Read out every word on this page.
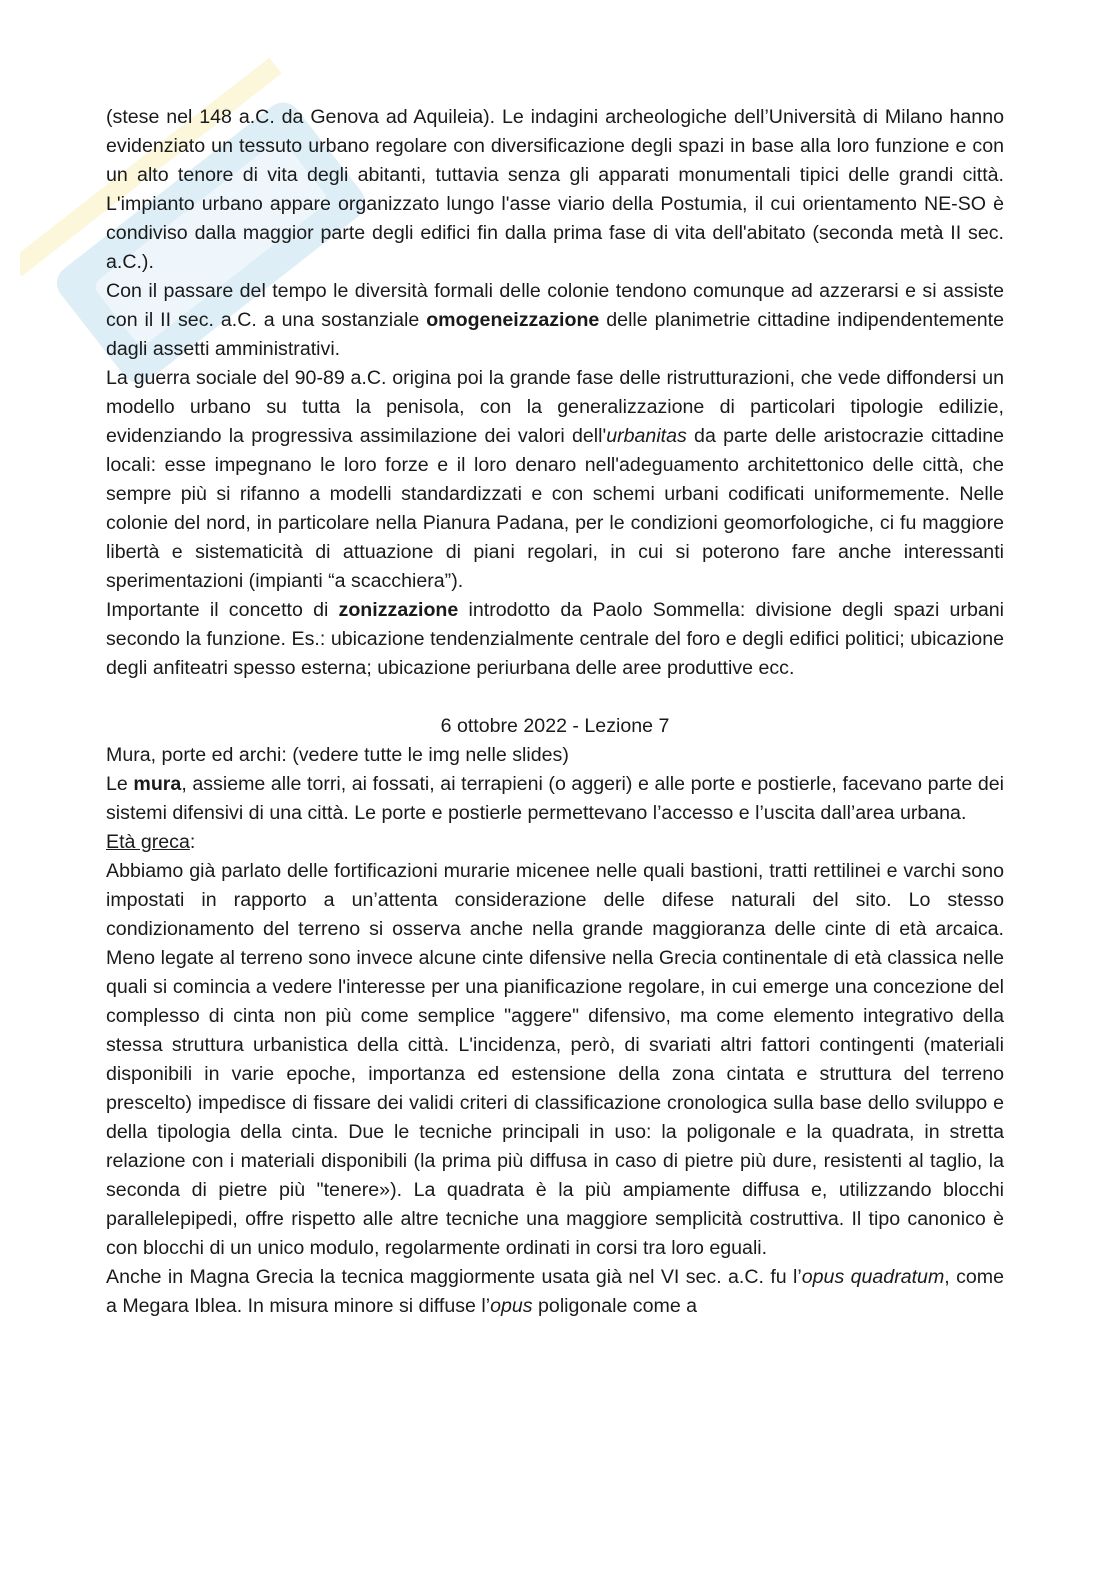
(stese nel 148 a.C. da Genova ad Aquileia). Le indagini archeologiche dell’Università di Milano hanno evidenziato un tessuto urbano regolare con diversificazione degli spazi in base alla loro funzione e con un alto tenore di vita degli abitanti, tuttavia senza gli apparati monumentali tipici delle grandi città. L'impianto urbano appare organizzato lungo l'asse viario della Postumia, il cui orientamento NE-SO è condiviso dalla maggior parte degli edifici fin dalla prima fase di vita dell'abitato (seconda metà II sec. a.C.).

Con il passare del tempo le diversità formali delle colonie tendono comunque ad azzerarsi e si assiste con il II sec. a.C. a una sostanziale omogeneizzazione delle planimetrie cittadine indipendentemente dagli assetti amministrativi.

La guerra sociale del 90-89 a.C. origina poi la grande fase delle ristrutturazioni, che vede diffondersi un modello urbano su tutta la penisola, con la generalizzazione di particolari tipologie edilizie, evidenziando la progressiva assimilazione dei valori dell'urbanitas da parte delle aristocrazie cittadine locali: esse impegnano le loro forze e il loro denaro nell'adeguamento architettonico delle città, che sempre più si rifanno a modelli standardizzati e con schemi urbani codificati uniformemente. Nelle colonie del nord, in particolare nella Pianura Padana, per le condizioni geomorfologiche, ci fu maggiore libertà e sistematicità di attuazione di piani regolari, in cui si poterono fare anche interessanti sperimentazioni (impianti “a scacchiera”).

Importante il concetto di zonizzazione introdotto da Paolo Sommella: divisione degli spazi urbani secondo la funzione. Es.: ubicazione tendenzialmente centrale del foro e degli edifici politici; ubicazione degli anfiteatri spesso esterna; ubicazione periurbana delle aree produttive ecc.

6 ottobre 2022 - Lezione 7

Mura, porte ed archi: (vedere tutte le img nelle slides)

Le mura, assieme alle torri, ai fossati, ai terrapieni (o aggeri) e alle porte e postierle, facevano parte dei sistemi difensivi di una città. Le porte e postierle permettevano l’accesso e l’uscita dall’area urbana.

Età greca:

Abbiamo già parlato delle fortificazioni murarie micenee nelle quali bastioni, tratti rettilinei e varchi sono impostati in rapporto a un’attenta considerazione delle difese naturali del sito. Lo stesso condizionamento del terreno si osserva anche nella grande maggioranza delle cinte di età arcaica. Meno legate al terreno sono invece alcune cinte difensive nella Grecia continentale di età classica nelle quali si comincia a vedere l'interesse per una pianificazione regolare, in cui emerge una concezione del complesso di cinta non più come semplice "aggere" difensivo, ma come elemento integrativo della stessa struttura urbanistica della città. L'incidenza, però, di svariati altri fattori contingenti (materiali disponibili in varie epoche, importanza ed estensione della zona cintata e struttura del terreno prescelto) impedisce di fissare dei validi criteri di classificazione cronologica sulla base dello sviluppo e della tipologia della cinta. Due le tecniche principali in uso: la poligonale e la quadrata, in stretta relazione con i materiali disponibili (la prima più diffusa in caso di pietre più dure, resistenti al taglio, la seconda di pietre più "tenere»). La quadrata è la più ampiamente diffusa e, utilizzando blocchi parallelepipedi, offre rispetto alle altre tecniche una maggiore semplicità costruttiva. Il tipo canonico è con blocchi di un unico modulo, regolarmente ordinati in corsi tra loro eguali.

Anche in Magna Grecia la tecnica maggiormente usata già nel VI sec. a.C. fu l’opus quadratum, come a Megara Iblea. In misura minore si diffuse l’opus poligonale come a
